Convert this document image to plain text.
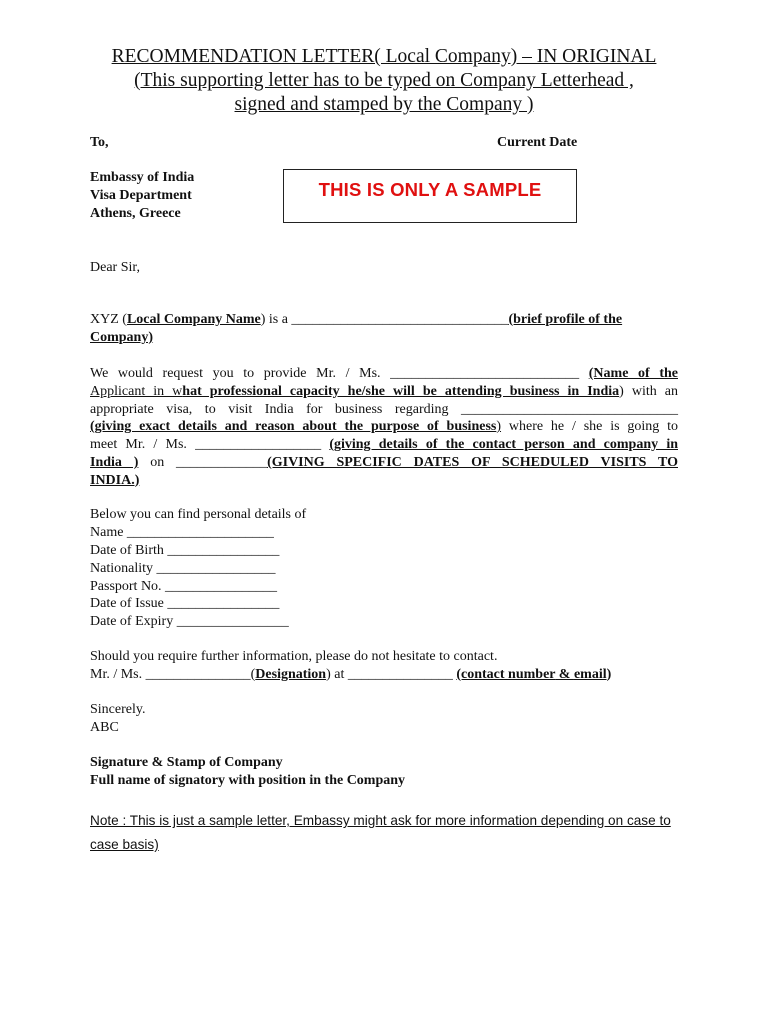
RECOMMENDATION LETTER( Local Company) – IN ORIGINAL
(This supporting letter has to be typed on Company Letterhead ,
signed and stamped by the Company )
To,	Current Date
Embassy of India
Visa Department
Athens, Greece
THIS IS ONLY A SAMPLE
Dear Sir,
XYZ (Local Company Name) is a _______________________________(brief profile of the
Company)
We would request you to provide Mr. / Ms. ___________________________ (Name of the
Applicant in what professional capacity he/she will be attending business in India) with an
appropriate visa, to visit India for business regarding _______________________________
(giving exact details and reason about the purpose of business) where he / she is going to
meet Mr. / Ms. __________________ (giving details of the contact person and company in
India ) on _____________(GIVING SPECIFIC DATES OF SCHEDULED VISITS TO
INDIA.)
Below you can find personal details of
Name _____________________
Date of Birth ________________
Nationality _________________
Passport No. ________________
Date of Issue ________________
Date of Expiry ________________
Should you require further information, please do not hesitate to contact.
Mr. / Ms. _______________(Designation) at _______________ (contact number & email)
Sincerely.
ABC
Signature & Stamp of Company
Full name of signatory with position in the Company
Note : This is just a sample letter, Embassy might ask for more information depending on case to
case basis)
